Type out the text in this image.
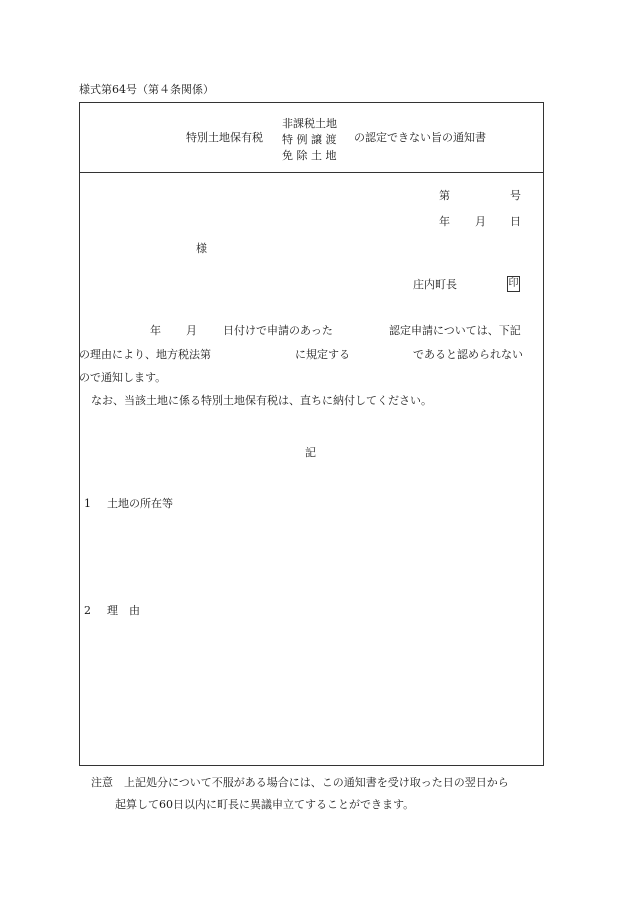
様式第64号（第４条関係）
特別土地保有税
非課税土地
特 例 譲 渡
免 除 土 地
の認定できない旨の通知書
第	号
年 月 日
様
庄内町長	印
年 月 日付けで申請のあった	認定申請については、下記
の理由により、地方税法第	に規定する	であると認められない
ので通知します。
なお、当該土地に係る特別土地保有税は、直ちに納付してください。
記
1 土地の所在等
2 理　由
注意　上記処分について不服がある場合には、この通知書を受け取った日の翌日から
起算して60日以内に町長に異議申立てすることができます。
